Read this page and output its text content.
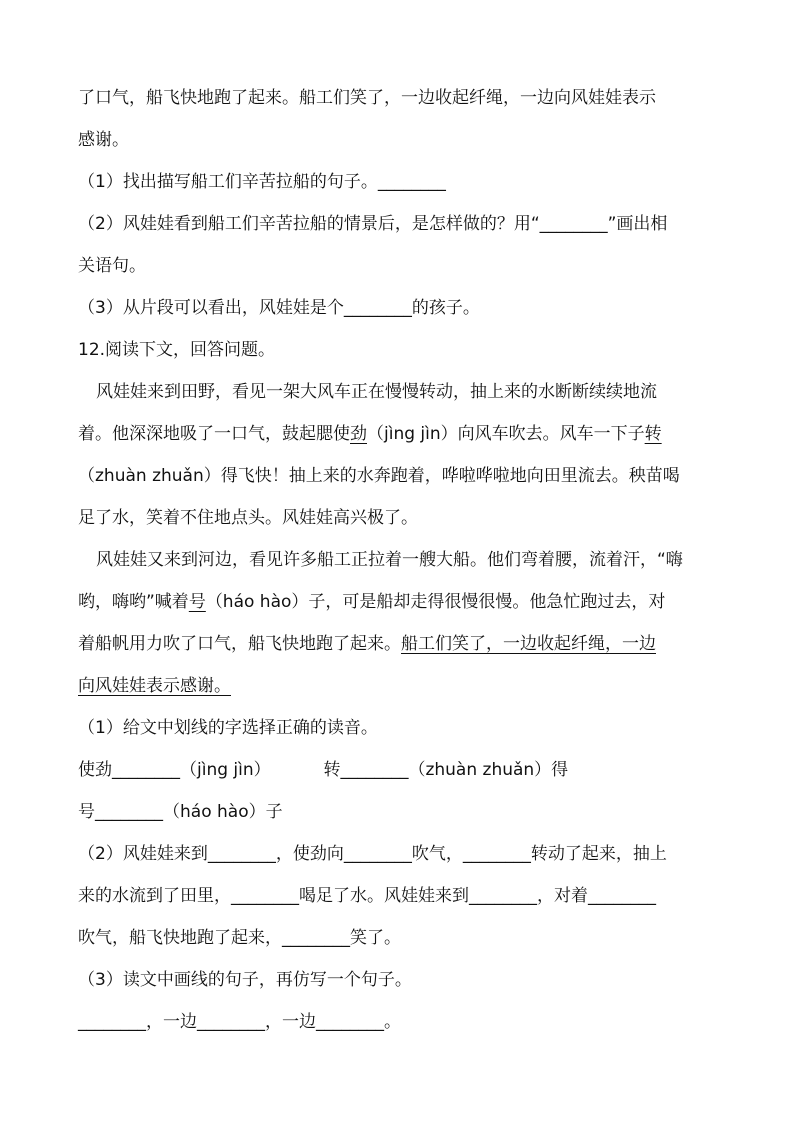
了口气，船飞快地跑了起来。船工们笑了，一边收起纤绳，一边向风娃娃表示
感谢。
（1）找出描写船工们辛苦拉船的句子。________
（2）风娃娃看到船工们辛苦拉船的情景后，是怎样做的？用“________”画出相
关语句。
（3）从片段可以看出，风娃娃是个________的孩子。
12.阅读下文，回答问题。
风娃娃来到田野，看见一架大风车正在慢慢转动，抽上来的水断断续续地流
着。他深深地吸了一口气，鼓起腮使劲（jìng jìn）向风车吹去。风车一下子转
（zhuàn zhuǎn）得飞快！抽上来的水奔跑着，哗啦哗啦地向田里流去。秧苗喝
足了水，笑着不住地点头。风娃娃高兴极了。
风娃娃又来到河边，看见许多船工正拉着一艘大船。他们弯着腰，流着汗，“嗨
哟，嗨哟”喊着号（háo hào）子，可是船却走得很慢很慢。他急忙跑过去，对
着船帆用力吹了口气，船飞快地跑了起来。船工们笑了，一边收起纤绳，一边
向风娃娃表示感谢。
（1）给文中划线的字选择正确的读音。
使劲________（jìng jìn）	转________（zhuàn zhuǎn）得
号________（háo hào）子
（2）风娃娃来到________，使劲向________吹气，________转动了起来，抽上
来的水流到了田里，________喝足了水。风娃娃来到________，对着________
吹气，船飞快地跑了起来，________笑了。
（3）读文中画线的句子，再仿写一个句子。
________，一边________，一边________。
